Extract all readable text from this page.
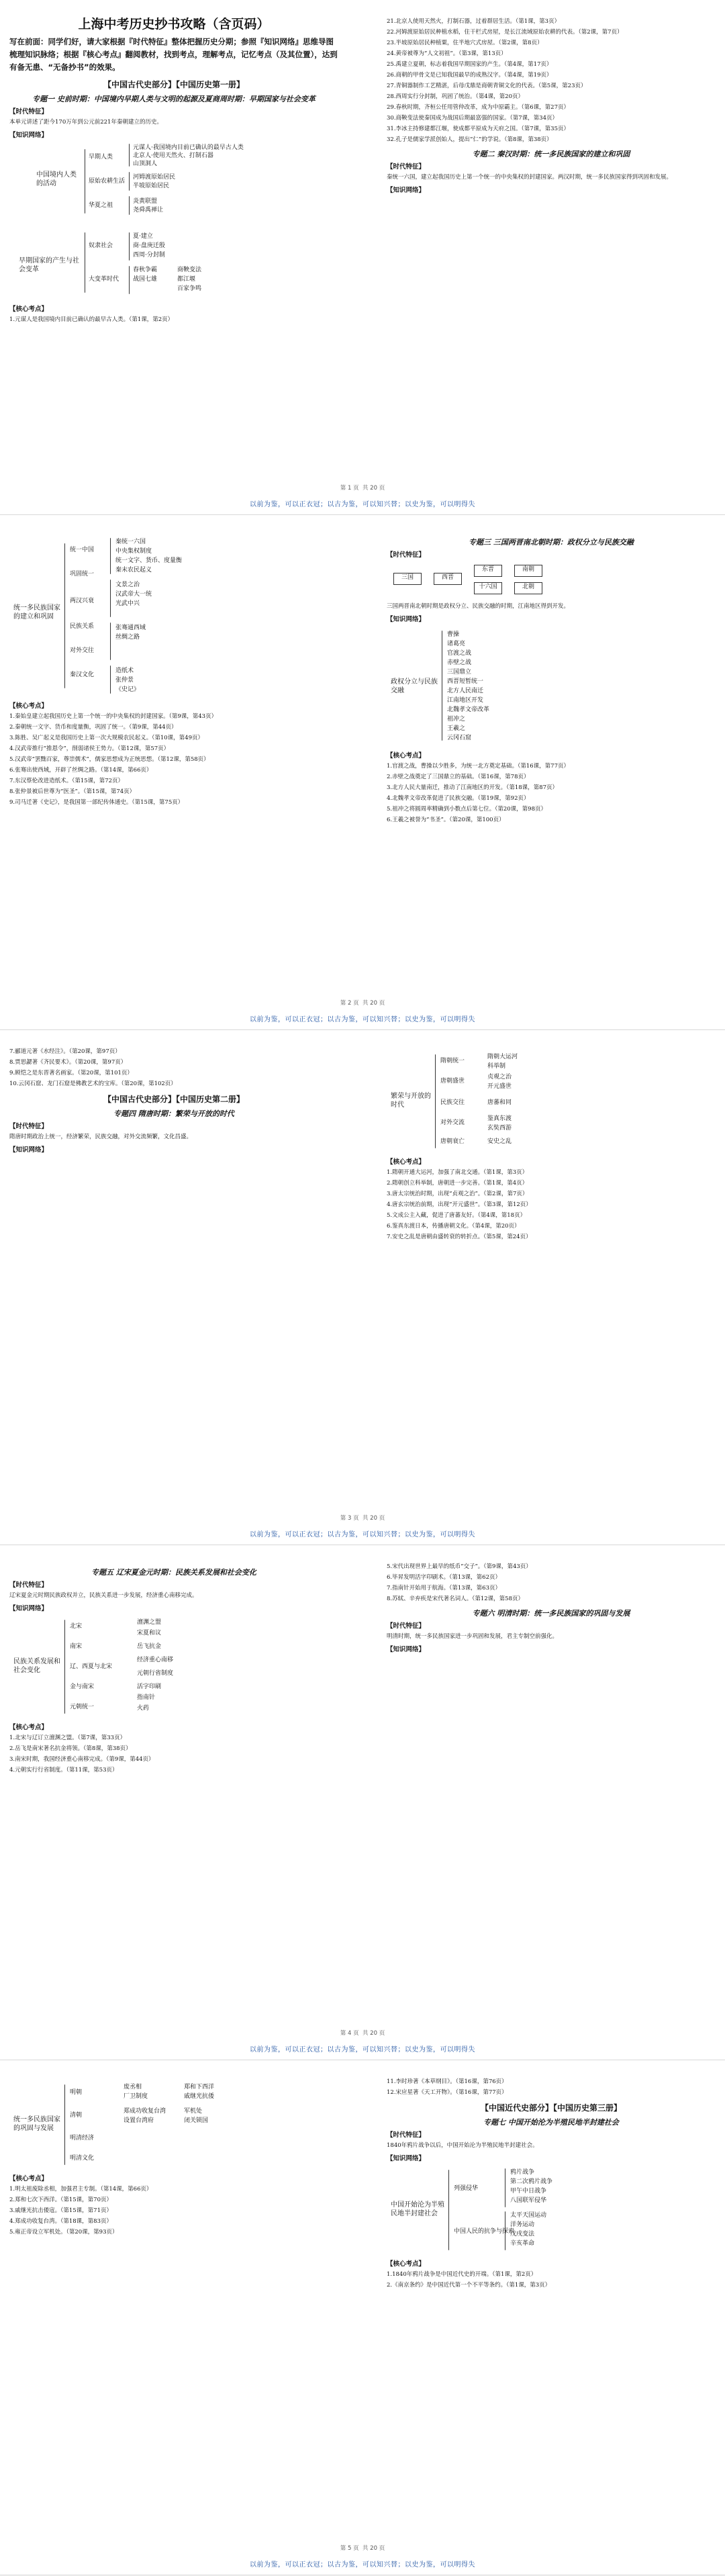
上海中考历史抄书攻略（含页码）
写在前面：同学们好，请大家根据『时代特征』整体把握历史分期；参照『知识网络』思维导图梳理知识脉络；根据『核心考点』翻阅教材，找到考点，理解考点，记忆考点（及其位置），达到有备无患、“无备抄书”的效果。
【中国古代史部分】【中国历史第一册】
专题一 史前时期：中国境内早期人类与文明的起源及夏商周时期：早期国家与社会变革
【时代特征】

本单元讲述了距今170万年到公元前221年秦朝建立的历史。

【知识网络】
中国境内人类的活动
早期国家的产生与社会变革
早期人类
原始农耕生活
华夏之祖
奴隶社会
大变革时代
元谋人·我国境内目前已确认的最早古人类
北京人·使用天然火、打制石器
山顶洞人
河姆渡原始居民
半坡原始居民
炎黄联盟
尧舜禹禅让
夏·建立
商·盘庚迁殷
西周·分封制
春秋争霸
战国七雄
商鞅变法
都江堰
百家争鸣
【核心考点】

1.元谋人是我国境内目前已确认的最早古人类。（第1课，第2页）

21.北京人使用天然火，打制石器，过着群居生活。（第1课，第3页）

22.河姆渡原始居民种植水稻，住干栏式房屋，是长江流域原始农耕的代表。（第2课，第7页）

23.半坡原始居民种植粟，住半地穴式房屋。（第2课，第8页）

24.黄帝被尊为“人文初祖”。（第3课，第13页）

25.禹建立夏朝，标志着我国早期国家的产生。（第4课，第17页）

26.商朝的甲骨文是已知我国最早的成熟汉字。（第4课，第19页）

27.青铜器制作工艺精湛，后母戊鼎是商朝青铜文化的代表。（第5课，第23页）

28.西周实行分封制，巩固了统治。（第4课，第20页）

29.春秋时期，齐桓公任用管仲改革，成为中原霸主。（第6课，第27页）

30.商鞅变法使秦国成为战国后期最富强的国家。（第7课，第34页）

31.李冰主持修建都江堰，使成都平原成为天府之国。（第7课，第35页）

32.孔子是儒家学派创始人，提出“仁”的学说。（第8课，第38页）

专题二 秦汉时期：统一多民族国家的建立和巩固
【时代特征】

秦统一六国，建立起我国历史上第一个统一的中央集权的封建国家。两汉时期，统一多民族国家得到巩固和发展。

【知识网络】
第 1 页 共 20 页
以前为鉴，可以正衣冠；以古为鉴，可以知兴替；以史为鉴，可以明得失
统一多民族国家的建立和巩固
统一中国
巩固统一
两汉兴衰
民族关系
对外交往
秦汉文化
秦统一六国
中央集权制度
统一文字、货币、度量衡
秦末农民起义
文景之治
汉武帝大一统
光武中兴
张骞通西域
丝绸之路
造纸术
张仲景
《史记》
【核心考点】

1.秦始皇建立起我国历史上第一个统一的中央集权的封建国家。（第9课，第43页）

2.秦朝统一文字、货币和度量衡，巩固了统一。（第9课，第44页）

3.陈胜、吴广起义是我国历史上第一次大规模农民起义。（第10课，第49页）

4.汉武帝推行“推恩令”，削弱诸侯王势力。（第12课，第57页）

5.汉武帝“罢黜百家，尊崇儒术”，儒家思想成为正统思想。（第12课，第58页）

6.张骞出使西域，开辟了丝绸之路。（第14课，第66页）

7.东汉蔡伦改进造纸术。（第15课，第72页）

8.张仲景被后世尊为“医圣”。（第15课，第74页）

9.司马迁著《史记》，是我国第一部纪传体通史。（第15课，第75页）

专题三 三国两晋南北朝时期：政权分立与民族交融
【时代特征】
三国	西晋
东晋	南朝
北朝
十六国

三国两晋南北朝时期是政权分立、民族交融的时期，江南地区得到开发。

【知识网络】
政权分立与民族交融
曹操
诸葛亮
官渡之战
赤壁之战
三国鼎立
西晋短暂统一
北方人民南迁
江南地区开发
北魏孝文帝改革
祖冲之
王羲之
云冈石窟
【核心考点】

1.官渡之战，曹操以少胜多，为统一北方奠定基础。（第16课，第77页）

2.赤壁之战奠定了三国鼎立的基础。（第16课，第78页）

3.北方人民大量南迁，推动了江南地区的开发。（第18课，第87页）

4.北魏孝文帝改革促进了民族交融。（第19课，第92页）

5.祖冲之将圆周率精确到小数点后第七位。（第20课，第98页）

6.王羲之被誉为“书圣”。（第20课，第100页）

第 2 页 共 20 页
以前为鉴，可以正衣冠；以古为鉴，可以知兴替；以史为鉴，可以明得失

7.郦道元著《水经注》。（第20课，第97页）

8.贾思勰著《齐民要术》。（第20课，第97页）

9.顾恺之是东晋著名画家。（第20课，第101页）

10.云冈石窟、龙门石窟是佛教艺术的宝库。（第20课，第102页）

【中国古代史部分】【中国历史第二册】
专题四 隋唐时期：繁荣与开放的时代
【时代特征】

隋唐时期政治上统一，经济繁荣，民族交融，对外交流频繁，文化昌盛。

【知识网络】
繁荣与开放的时代
隋朝统一
唐朝盛世
民族交往
对外交流
唐朝衰亡
隋朝大运河
科举制
贞观之治
开元盛世
唐蕃和同
鉴真东渡
玄奘西游
安史之乱
【核心考点】

1.隋朝开通大运河，加强了南北交通。（第1课，第3页）

2.隋朝创立科举制，唐朝进一步完善。（第1课，第4页）

3.唐太宗统治时期，出现“贞观之治”。（第2课，第7页）

4.唐玄宗统治前期，出现“开元盛世”。（第3课，第12页）

5.文成公主入藏，促进了唐蕃友好。（第4课，第18页）

6.鉴真东渡日本，传播唐朝文化。（第4课，第20页）

7.安史之乱是唐朝由盛转衰的转折点。（第5课，第24页）

第 3 页 共 20 页
以前为鉴，可以正衣冠；以古为鉴，可以知兴替；以史为鉴，可以明得失
专题五 辽宋夏金元时期：民族关系发展和社会变化
【时代特征】

辽宋夏金元时期民族政权并立，民族关系进一步发展，经济重心南移完成。

【知识网络】
民族关系发展和社会变化
北宋
南宋
辽、西夏与北宋
金与南宋
元朝统一
澶渊之盟
宋夏和议
岳飞抗金
经济重心南移
元朝行省制度
活字印刷
指南针
火药
【核心考点】

1.北宋与辽订立澶渊之盟。（第7课，第33页）

2.岳飞是南宋著名抗金将领。（第8课，第38页）

3.南宋时期，我国经济重心南移完成。（第9课，第44页）

4.元朝实行行省制度。（第11课，第53页）

5.宋代出现世界上最早的纸币“交子”。（第9课，第43页）

6.毕昇发明活字印刷术。（第13课，第62页）

7.指南针开始用于航海。（第13课，第63页）

8.苏轼、辛弃疾是宋代著名词人。（第12课，第58页）

专题六 明清时期：统一多民族国家的巩固与发展
【时代特征】

明清时期，统一多民族国家进一步巩固和发展，君主专制空前强化。

【知识网络】
第 4 页 共 20 页
以前为鉴，可以正衣冠；以古为鉴，可以知兴替；以史为鉴，可以明得失
统一多民族国家的巩固与发展
明朝
清朝
明清经济
明清文化
废丞相
厂卫制度
郑和下西洋
戚继光抗倭
郑成功收复台湾
设置台湾府
军机处
闭关锁国
【核心考点】

1.明太祖废除丞相，加强君主专制。（第14课，第66页）

2.郑和七次下西洋。（第15课，第70页）

3.戚继光抗击倭寇。（第15课，第71页）

4.郑成功收复台湾。（第18课，第83页）

5.雍正帝设立军机处。（第20课，第93页）

11.李时珍著《本草纲目》。（第16课，第76页）

12.宋应星著《天工开物》。（第16课，第77页）

【中国近代史部分】【中国历史第三册】
专题七 中国开始沦为半殖民地半封建社会
【时代特征】

1840年鸦片战争以后，中国开始沦为半殖民地半封建社会。

【知识网络】
中国开始沦为半殖民地半封建社会
列强侵华
中国人民的抗争与探索
鸦片战争
第二次鸦片战争
甲午中日战争
八国联军侵华
太平天国运动
洋务运动
戊戌变法
辛亥革命
【核心考点】

1.1840年鸦片战争是中国近代史的开端。（第1课，第2页）

2.《南京条约》是中国近代第一个不平等条约。（第1课，第3页）

第 5 页 共 20 页
以前为鉴，可以正衣冠；以古为鉴，可以知兴替；以史为鉴，可以明得失
